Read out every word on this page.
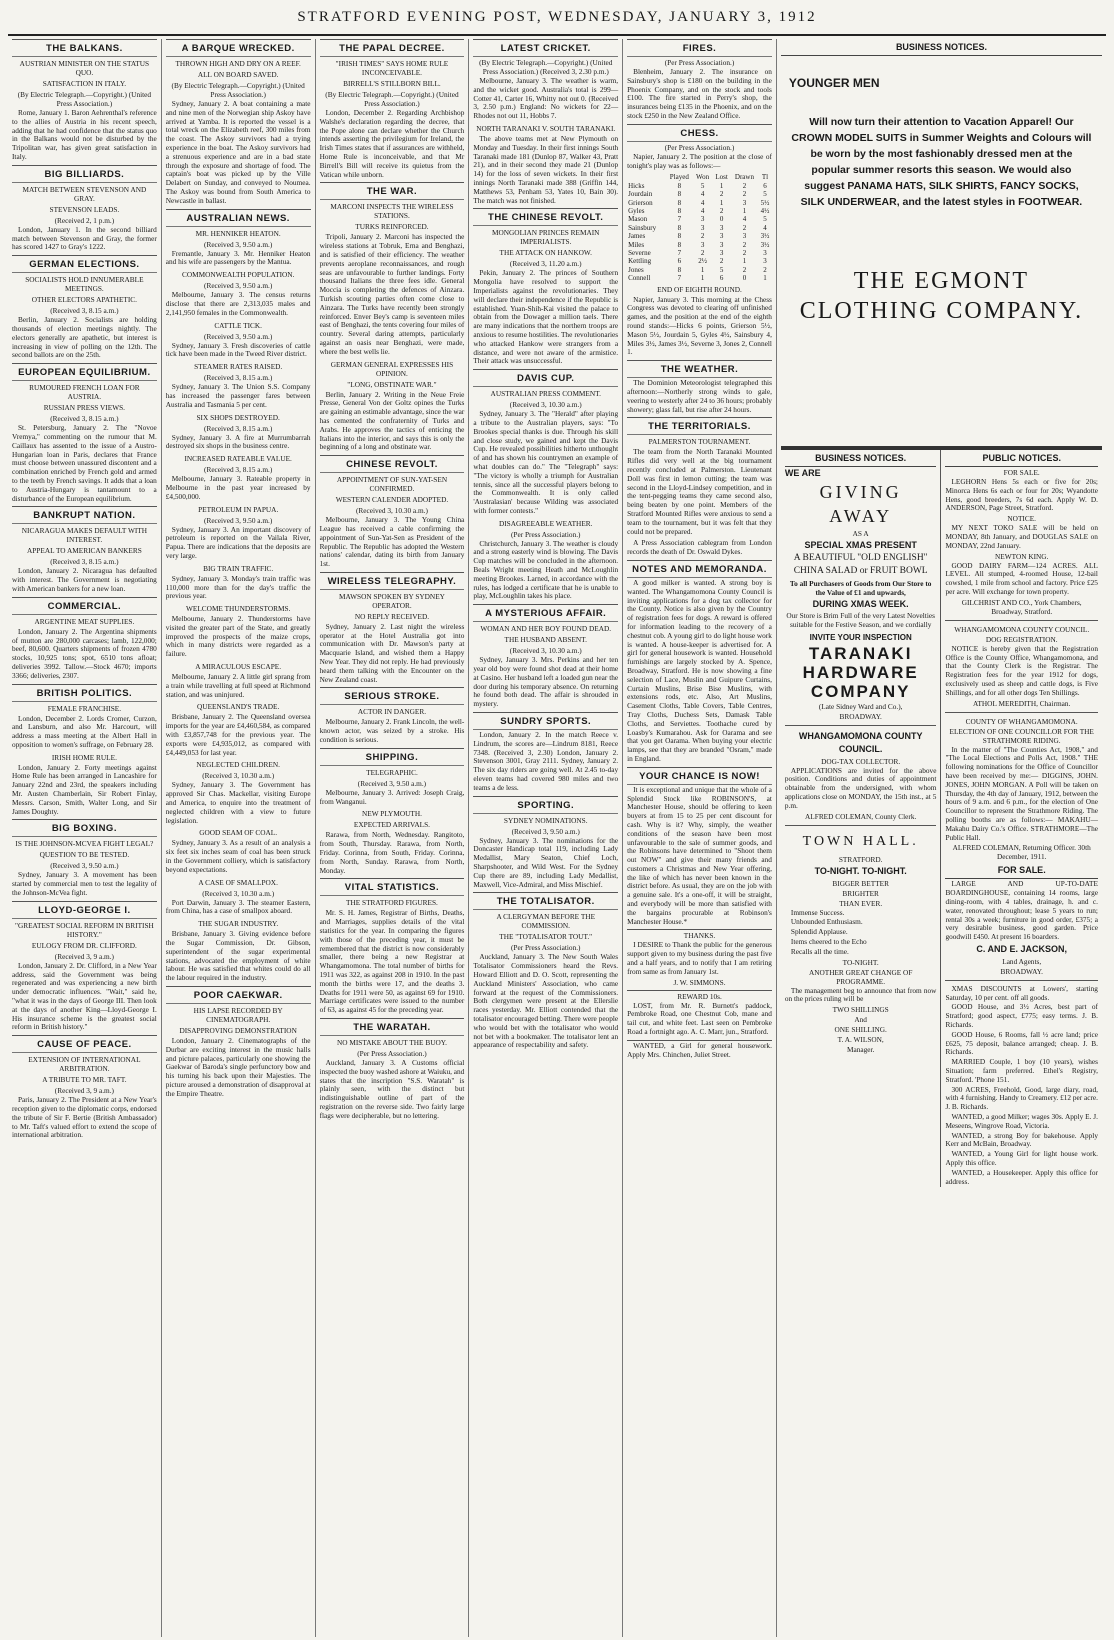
STRATFORD EVENING POST, WEDNESDAY, JANUARY 3, 1912
THE BALKANS.
AUSTRIAN MINISTER ON THE STATUS QUO.
SATISFACTION IN ITALY.
(By Electric Telegraph.—Copyright.) (United Press Association.)

Rome, January 1. Baron Aehrenthal's reference to the allies of Austria in his recent speech, adding that he had confidence that the status quo in the Balkans would not be disturbed by the Tripolitan war, has given great satisfaction in Italy.

BIG BILLIARDS.
MATCH BETWEEN STEVENSON AND GRAY.
STEVENSON LEADS.
(Received 2, 1 p.m.)

London, January 1. In the second billiard match between Stevenson and Gray, the former has scored 1427 to Gray's 1222.

GERMAN ELECTIONS.
SOCIALISTS HOLD INNUMERABLE MEETINGS.
OTHER ELECTORS APATHETIC.
(Received 3, 8.15 a.m.)

Berlin, January 2. Socialists are holding thousands of election meetings nightly. The electors generally are apathetic, but interest is increasing in view of polling on the 12th. The second ballots are on the 25th.

EUROPEAN EQUILIBRIUM.
RUMOURED FRENCH LOAN FOR AUSTRIA.
RUSSIAN PRESS VIEWS.
(Received 3, 8.15 a.m.)

St. Petersburg, January 2. The "Novoe Vremya," commenting on the rumour that M. Caillaux has assented to the issue of a Austro-Hungarian loan in Paris, declares that France must choose between unassured discontent and a combination enriched by French gold and armed to the teeth by French savings. It adds that a loan to Austria-Hungary is tantamount to a disturbance of the European equilibrium.

BANKRUPT NATION.
NICARAGUA MAKES DEFAULT WITH INTEREST.
APPEAL TO AMERICAN BANKERS
(Received 3, 8.15 a.m.)

London, January 2. Nicaragua has defaulted with interest. The Government is negotiating with American bankers for a new loan.

COMMERCIAL.
ARGENTINE MEAT SUPPLIES.

London, January 2. The Argentina shipments of mutton are 280,000 carcases; lamb, 122,000; beef, 80,600. Quarters shipments of frozen 4780 stocks, 10,925 tons; spot, 6510 tons afloat; deliveries 3992. Tallow.—Stock 4670; imports 3366; deliveries, 2307.

BRITISH POLITICS.
FEMALE FRANCHISE.

London, December 2. Lords Cromer, Curzon, and Lansburn, and also Mr. Harcourt, will address a mass meeting at the Albert Hall in opposition to women's suffrage, on February 28.

IRISH HOME RULE.

London, January 2. Forty meetings against Home Rule has been arranged in Lancashire for January 22nd and 23rd, the speakers including Mr. Austen Chamberlain, Sir Robert Finlay, Messrs. Carson, Smith, Walter Long, and Sir James Doughty.

BIG BOXING.
IS THE JOHNSON-MCVEA FIGHT LEGAL?
QUESTION TO BE TESTED.
(Received 3, 9.50 a.m.)

Sydney, January 3. A movement has been started by commercial men to test the legality of the Johnson-McVea fight.

LLOYD-GEORGE I.
"GREATEST SOCIAL REFORM IN BRITISH HISTORY."
EULOGY FROM DR. CLIFFORD.
(Received 3, 9 a.m.)

London, January 2. Dr. Clifford, in a New Year address, said the Government was being regenerated and was experiencing a new birth under democratic influences. "Wait," said he, "what it was in the days of George III. Then look at the days of another King—Lloyd-George I. His insurance scheme is the greatest social reform in British history."

CAUSE OF PEACE.
EXTENSION OF INTERNATIONAL ARBITRATION.
A TRIBUTE TO MR. TAFT.
(Received 3, 9 a.m.)

Paris, January 2. The President at a New Year's reception given to the diplomatic corps, endorsed the tribute of Sir F. Bertie (British Ambassador) to Mr. Taft's valued effort to extend the scope of international arbitration.

A BARQUE WRECKED.
THROWN HIGH AND DRY ON A REEF.
ALL ON BOARD SAVED.
(By Electric Telegraph.—Copyright.) (United Press Association.)

Sydney, January 2. A boat containing a mate and nine men of the Norwegian ship Askoy have arrived at Yamba. It is reported the vessel is a total wreck on the Elizabeth reef, 300 miles from the coast. The Askoy survivors had a trying experience in the boat. The Askoy survivors had a strenuous experience and are in a bad state through the exposure and shortage of food. The captain's boat was picked up by the Ville Delabert on Sunday, and conveyed to Noumea. The Askoy was bound from South America to Newcastle in ballast.

AUSTRALIAN NEWS.
MR. HENNIKER HEATON.
(Received 3, 9.50 a.m.)

Fremantle, January 3. Mr. Henniker Heaton and his wife are passengers by the Mantua.

COMMONWEALTH POPULATION.
(Received 3, 9.50 a.m.)

Melbourne, January 3. The census returns disclose that there are 2,313,035 males and 2,141,950 females in the Commonwealth.

CATTLE TICK.
(Received 3, 9.50 a.m.)

Sydney, January 3. Fresh discoveries of cattle tick have been made in the Tweed River district.

STEAMER RATES RAISED.
(Received 3, 8.15 a.m.)

Sydney, January 3. The Union S.S. Company has increased the passenger fares between Australia and Tasmania 5 per cent.

SIX SHOPS DESTROYED.
(Received 3, 8.15 a.m.)

Sydney, January 3. A fire at Murrumbarrah destroyed six shops in the business centre.

INCREASED RATEABLE VALUE.
(Received 3, 8.15 a.m.)

Melbourne, January 3. Rateable property in Melbourne in the past year increased by £4,500,000.

PETROLEUM IN PAPUA.
(Received 3, 9.50 a.m.)

Sydney, January 3. An important discovery of petroleum is reported on the Vailala River, Papua. There are indications that the deposits are very large.

BIG TRAIN TRAFFIC.

Sydney, January 3. Monday's train traffic was 110,000 more than for the day's traffic the previous year.

WELCOME THUNDERSTORMS.

Melbourne, January 2. Thunderstorms have visited the greater part of the State, and greatly improved the prospects of the maize crops, which in many districts were regarded as a failure.

A MIRACULOUS ESCAPE.

Melbourne, January 2. A little girl sprang from a train while travelling at full speed at Richmond station, and was uninjured.

QUEENSLAND'S TRADE.

Brisbane, January 2. The Queensland oversea imports for the year are £4,460,584, as compared with £3,857,748 for the previous year. The exports were £4,935,012, as compared with £4,449,053 for last year.

NEGLECTED CHILDREN.
(Received 3, 10.30 a.m.)

Sydney, January 3. The Government has approved Sir Chas. Mackellar, visiting Europe and America, to enquire into the treatment of neglected children with a view to future legislation.

GOOD SEAM OF COAL.

Sydney, January 3. As a result of an analysis a six feet six inches seam of coal has been struck in the Government colliery, which is satisfactory beyond expectations.

A CASE OF SMALLPOX.
(Received 3, 10.30 a.m.)

Port Darwin, January 3. The steamer Eastern, from China, has a case of smallpox aboard.

THE SUGAR INDUSTRY.

Brisbane, January 3. Giving evidence before the Sugar Commission, Dr. Gibson, superintendent of the sugar experimental stations, advocated the employment of white labour. He was satisfied that whites could do all the labour required in the industry.

POOR CAEKWAR.
HIS LAPSE RECORDED BY CINEMATOGRAPH.
DISAPPROVING DEMONSTRATION

London, January 2. Cinematographs of the Durbar are exciting interest in the music halls and picture palaces, particularly one showing the Gaekwar of Baroda's single perfunctory bow and his turning his back upon their Majesties. The picture aroused a demonstration of disapproval at the Empire Theatre.

THE PAPAL DECREE.
"IRISH TIMES" SAYS HOME RULE INCONCEIVABLE.
BIRRELL'S STILLBORN BILL.
(By Electric Telegraph.—Copyright.) (United Press Association.)

London, December 2. Regarding Archbishop Walshe's declaration regarding the decree, that the Pope alone can declare whether the Church intends asserting the privilegium for Ireland, the Irish Times states that if assurances are withheld, Home Rule is inconceivable, and that Mr Birrell's Bill will receive its quietus from the Vatican while unborn.

THE WAR.
MARCONI INSPECTS THE WIRELESS STATIONS.
TURKS REINFORCED.

Tripoli, January 2. Marconi has inspected the wireless stations at Tobruk, Erna and Benghazi, and is satisfied of their efficiency. The weather prevents aeroplane reconnaissances, and rough seas are unfavourable to further landings. Forty thousand Italians the three fees idle. General Moccia is completing the defences of Ainzara. Turkish scouting parties often come close to Ainzara. The Turks have recently been strongly reinforced. Enver Bey's camp is seventeen miles east of Benghazi, the tents covering four miles of country. Several daring attempts, particularly against an oasis near Benghazi, were made, where the best wells lie.

GERMAN GENERAL EXPRESSES HIS OPINION.
"LONG, OBSTINATE WAR."

Berlin, January 2. Writing in the Neue Freie Presse, General Von der Goltz opines the Turks are gaining an estimable advantage, since the war has cemented the confraternity of Turks and Arabs. He approves the tactics of enticing the Italians into the interior, and says this is only the beginning of a long and obstinate war.

CHINESE REVOLT.
APPOINTMENT OF SUN-YAT-SEN CONFIRMED.
WESTERN CALENDER ADOPTED.
(Received 3, 10.30 a.m.)

Melbourne, January 3. The Young China League has received a cable confirming the appointment of Sun-Yat-Sen as President of the Republic. The Republic has adopted the Western nations' calendar, dating its birth from January 1st.

WIRELESS TELEGRAPHY.
MAWSON SPOKEN BY SYDNEY OPERATOR.
NO REPLY RECEIVED.

Sydney, January 2. Last night the wireless operator at the Hotel Australia got into communication with Dr. Mawson's party at Macquarie Island, and wished them a Happy New Year. They did not reply. He had previously heard them talking with the Encounter on the New Zealand coast.

SERIOUS STROKE.
ACTOR IN DANGER.

Melbourne, January 2. Frank Lincoln, the well-known actor, was seized by a stroke. His condition is serious.

SHIPPING.
TELEGRAPHIC.
(Received 3, 9.50 a.m.)

Melbourne, January 3. Arrived: Joseph Craig, from Wanganui.

NEW PLYMOUTH.
EXPECTED ARRIVALS.

Rarawa, from North, Wednesday. Rangitoto, from South, Thursday. Rarawa, from North, Friday. Corinna, from South, Friday. Corinna, from North, Sunday. Rarawa, from North, Monday.

VITAL STATISTICS.
THE STRATFORD FIGURES.

Mr. S. H. James, Registrar of Births, Deaths, and Marriages, supplies details of the vital statistics for the year. In comparing the figures with those of the preceding year, it must be remembered that the district is now considerably smaller, there being a new Registrar at Whangamomona. The total number of births for 1911 was 322, as against 208 in 1910. In the past month the births were 17, and the deaths 3. Deaths for 1911 were 50, as against 69 for 1910. Marriage certificates were issued to the number of 63, as against 45 for the preceding year.

THE WARATAH.
NO MISTAKE ABOUT THE BUOY.
(Per Press Association.)

Auckland, January 3. A Customs official inspected the buoy washed ashore at Waiuku, and states that the inscription "S.S. Waratah" is plainly seen, with the distinct but indistinguishable outline of part of the registration on the reverse side. Two fairly large flags were decipherable, but no lettering.

LATEST CRICKET.
(By Electric Telegraph.—Copyright.) (United Press Association.) (Received 3, 2.30 p.m.)

Melbourne, January 3. The weather is warm, and the wicket good. Australia's total is 299—Cotter 41, Carter 16, Whitty not out 0. (Received 3, 2.50 p.m.) England: No wickets for 22—Rhodes not out 11, Hobbs 7.

NORTH TARANAKI V. SOUTH TARANAKI.

The above teams met at New Plymouth on Monday and Tuesday. In their first innings South Taranaki made 181 (Dunlop 87, Walker 43, Pratt 21), and in their second they made 21 (Dunlop 14) for the loss of seven wickets. In their first innings North Taranaki made 388 (Griffin 144, Matthews 53, Penham 53, Yates 10, Bain 30). The match was not finished.

THE CHINESE REVOLT.
MONGOLIAN PRINCES REMAIN IMPERIALISTS.
THE ATTACK ON HANKOW.
(Received 3, 11.20 a.m.)

Pekin, January 2. The princes of Southern Mongolia have resolved to support the Imperialists against the revolutionaries. They will declare their independence if the Republic is established. Yuan-Shih-Kai visited the palace to obtain from the Dowager a million taels. There are many indications that the northern troops are anxious to resume hostilities. The revolutionaries who attacked Hankow were strangers from a distance, and were not aware of the armistice. Their attack was unsuccessful.

DAVIS CUP.
AUSTRALIAN PRESS COMMENT.
(Received 3, 10.30 a.m.)

Sydney, January 3. The "Herald" after playing a tribute to the Australian players, says: "To Brookes special thanks is due. Through his skill and close study, we gained and kept the Davis Cup. He revealed possibilities hitherto unthought of and has shown his countrymen an example of what doubles can do." The "Telegraph" says: "The victory is wholly a triumph for Australian tennis, since all the successful players belong to the Commonwealth. It is only called 'Australasian' because Wilding was associated with former contests."

DISAGREEABLE WEATHER.
(Per Press Association.)

Christchurch, January 3. The weather is cloudy and a strong easterly wind is blowing. The Davis Cup matches will be concluded in the afternoon. Beals Wright meeting Heath and McLoughlin meeting Brookes. Larned, in accordance with the rules, has lodged a certificate that he is unable to play, McLoughlin takes his place.

A MYSTERIOUS AFFAIR.
WOMAN AND HER BOY FOUND DEAD.
THE HUSBAND ABSENT.
(Received 3, 10.30 a.m.)

Sydney, January 3. Mrs. Perkins and her ten year old boy were found shot dead at their home at Casino. Her husband left a loaded gun near the door during his temporary absence. On returning he found both dead. The affair is shrouded in mystery.

SUNDRY SPORTS.

London, January 2. In the match Reece v. Lindrum, the scores are—Lindrum 8181, Reece 7348. (Received 3, 2.30) London, January 2. Stevenson 3001, Gray 2111. Sydney, January 2. The six day riders are going well. At 2.45 to-day eleven teams had covered 980 miles and two teams a de less.

SPORTING.
SYDNEY NOMINATIONS.
(Received 3, 9.50 a.m.)

Sydney, January 3. The nominations for the Doncaster Handicap total 119, including Lady Medallist, Mary Seaton, Chief Loch, Sharpshooter, and Wild West. For the Sydney Cup there are 89, including Lady Medallist, Maxwell, Vice-Admiral, and Miss Mischief.

THE TOTALISATOR.
A CLERGYMAN BEFORE THE COMMISSION.
THE "TOTALISATOR TOUT."
(Per Press Association.)

Auckland, January 3. The New South Wales Totalisator Commissioners heard the Revs. Howard Elliott and D. O. Scott, representing the Auckland Ministers' Association, who came forward at the request of the Commissioners. Both clergymen were present at the Ellerslie races yesterday. Mr. Elliott contended that the totalisator encouraged betting. There were people who would bet with the totalisator who would not bet with a bookmaker. The totalisator lent an appearance of respectability and safety.

FIRES.
(Per Press Association.)

Blenheim, January 2. The insurance on Sainsbury's shop is £180 on the building in the Phoenix Company, and on the stock and tools £100. The fire started in Perry's shop, the insurances being £135 in the Phoenix, and on the stock £250 in the New Zealand Office.

CHESS.
(Per Press Association.)

Napier, January 2. The position at the close of tonight's play was as follows:—

	Played	Won	Lost	Drawn	Tl
Hicks	8	5	1	2	6
Jourdain	8	4	2	2	5
Grierson	8	4	1	3	5½
Gyles	8	4	2	1	4½
Mason	7	3	0	4	5
Sainsbury	8	3	3	2	4
James	8	2	3	3	3½
Miles	8	3	3	2	3½
Severne	7	2	3	2	3
Kettling	6	2½	2	1	3
Jones	8	1	5	2	2
Connell	7	1	6	0	1
END OF EIGHTH ROUND.

Napier, January 3. This morning at the Chess Congress was devoted to clearing off unfinished games, and the position at the end of the eighth round stands:—Hicks 6 points, Grierson 5½, Mason 5½, Jourdain 5, Gyles 4½, Sainsbury 4, Miles 3½, James 3½, Severne 3, Jones 2, Connell 1.

THE WEATHER.

The Dominion Meteorologist telegraphed this afternoon:—Northerly strong winds to gale, veering to westerly after 24 to 36 hours; probably showery; glass fall, but rise after 24 hours.

THE TERRITORIALS.
PALMERSTON TOURNAMENT.

The team from the North Taranaki Mounted Rifles did very well at the big tournament recently concluded at Palmerston. Lieutenant Doll was first in lemon cutting; the team was second in the Lloyd-Lindsey competition, and in the tent-pegging teams they came second also, being beaten by one point. Members of the Stratford Mounted Rifles were anxious to send a team to the tournament, but it was felt that they could not be prepared.

A Press Association cablegram from London records the death of Dr. Oswald Dykes.

NOTES AND MEMORANDA.

A good milker is wanted. A strong boy is wanted. The Whangamomona County Council is inviting applications for a dog tax collector for the County. Notice is also given by the Country of registration fees for dogs. A reward is offered for information leading to the recovery of a chestnut cob. A young girl to do light house work is wanted. A house-keeper is advertised for. A girl for general housework is wanted. Household furnishings are largely stocked by A. Spence, Broadway, Stratford. He is now showing a fine selection of Lace, Muslin and Guipure Curtains, Curtain Muslins, Brise Bise Muslins, with extensions rods, etc. Also, Art Muslins, Casement Cloths, Table Covers, Table Centres, Tray Cloths, Duchess Sets, Damask Table Cloths, and Serviettes. Toothache cured by Loasby's Kumarahou. Ask for Oarama and see that you get Oarama. When buying your electric lamps, see that they are branded "Osram," made in England.

YOUR CHANCE IS NOW!

It is exceptional and unique that the whole of a Splendid Stock like ROBINSON'S, at Manchester House, should be offering to keen buyers at from 15 to 25 per cent discount for cash. Why is it? Why, simply, the weather conditions of the season have been most unfavourable to the sale of summer goods, and the Robinsons have determined to "Shoot them out NOW" and give their many friends and customers a Christmas and New Year offering, the like of which has never been known in the district before. As usual, they are on the job with a genuine sale. It's a one-off, it will be straight, and everybody will be more than satisfied with the bargains procurable at Robinson's Manchester House.*

THANKS.

I DESIRE to Thank the public for the generous support given to my business during the past five and a half years, and to notify that I am retiring from same as from January 1st.

J. W. SIMMONS.
REWARD 10s.

LOST, from Mr. R. Burnett's paddock, Pembroke Road, one Chestnut Cob, mane and tail cut, and white feet. Last seen on Pembroke Road a fortnight ago. A. C. Marr, jun., Stratford.

WANTED, a Girl for general housework. Apply Mrs. Chinchen, Juliet Street.

BUSINESS NOTICES.
YOUNGER MEN
Will now turn their attention to Vacation Apparel! Our CROWN MODEL SUITS in Summer Weights and Colours will be worn by the most fashionably dressed men at the popular summer resorts this season. We would also suggest PANAMA HATS, SILK SHIRTS, FANCY SOCKS, SILK UNDERWEAR, and the latest styles in FOOTWEAR.
THE EGMONT CLOTHING COMPANY.
BUSINESS NOTICES.
WE ARE
GIVING
AWAY
AS A
SPECIAL XMAS PRESENT
A BEAUTIFUL "OLD ENGLISH" CHINA SALAD or FRUIT BOWL
To all Purchasers of Goods from Our Store to the Value of £1 and upwards,
DURING XMAS WEEK.

Our Store is Brim Full of the very Latest Novelties suitable for the Festive Season, and we cordially

INVITE YOUR INSPECTION
TARANAKI HARDWARE COMPANY
(Late Sidney Ward and Co.),
BROADWAY.
WHANGAMOMONA COUNTY COUNCIL.
DOG-TAX COLLECTOR.

APPLICATIONS are invited for the above position. Conditions and duties of appointment obtainable from the undersigned, with whom applications close on MONDAY, the 15th inst., at 5 p.m.

ALFRED COLEMAN, County Clerk.
TOWN HALL.
STRATFORD.
TO-NIGHT. TO-NIGHT.
BIGGER BETTER
BRIGHTER
THAN EVER.

Immense Success.

Unbounded Enthusiasm.

Splendid Applause.

Items cheered to the Echo

Recalls all the time.

TO-NIGHT.
ANOTHER GREAT CHANGE OF PROGRAMME.

The management beg to announce that from now on the prices ruling will be

TWO SHILLINGS
And
ONE SHILLING.
T. A. WILSON,
Manager.
PUBLIC NOTICES.
FOR SALE.

LEGHORN Hens 5s each or five for 20s; Minorca Hens 6s each or four for 20s; Wyandotte Hens, good breeders, 7s 6d each. Apply W. D. ANDERSON, Page Street, Stratford.

NOTICE.

MY NEXT TOKO SALE will be held on MONDAY, 8th January, and DOUGLAS SALE on MONDAY, 22nd January.

NEWTON KING.

GOOD DAIRY FARM—124 ACRES. ALL LEVEL. All stumped, 4-roomed House, 12-bail cowshed, 1 mile from school and factory. Price £25 per acre. Will exchange for town property.

GILCHRIST AND CO., York Chambers, Broadway, Stratford.
WHANGAMOMONA COUNTY COUNCIL.
DOG REGISTRATION.

NOTICE is hereby given that the Registration Office is the County Office, Whangamomona, and that the County Clerk is the Registrar. The Registration fees for the year 1912 for dogs, exclusively used as sheep and cattle dogs, is Five Shillings, and for all other dogs Ten Shillings.

ATHOL MEREDITH, Chairman.
COUNTY OF WHANGAMOMONA.
ELECTION OF ONE COUNCILLOR FOR THE STRATHMORE RIDING.

In the matter of "The Counties Act, 1908," and "The Local Elections and Polls Act, 1908." THE following nominations for the Office of Councillor have been received by me:— DIGGINS, JOHN. JONES, JOHN MORGAN. A Poll will be taken on Thursday, the 4th day of January, 1912, between the hours of 9 a.m. and 6 p.m., for the election of One Councillor to represent the Strathmore Riding. The polling booths are as follows:— MAKAHU—Makahu Dairy Co.'s Office. STRATHMORE—The Public Hall.

ALFRED COLEMAN, Returning Officer. 30th December, 1911.
FOR SALE.

LARGE AND UP-TO-DATE BOARDINGHOUSE, containing 14 rooms, large dining-room, with 4 tables, drainage, h. and c. water, renovated throughout; lease 5 years to run; rental 30s a week; furniture in good order, £375; a very desirable business, good garden. Price goodwill £450. At present 16 boarders.

C. AND E. JACKSON,
Land Agents,
BROADWAY.

XMAS DISCOUNTS at Lowers', starting Saturday, 10 per cent. off all goods.

GOOD House, and 3½ Acres, best part of Stratford; good aspect, £775; easy terms. J. B. Richards.

GOOD House, 6 Rooms, fall ½ acre land; price £625, 75 deposit, balance arranged; cheap. J. B. Richards.

MARRIED Couple, 1 boy (10 years), wishes Situation; farm preferred. Ethel's Registry, Stratford. 'Phone 151.

300 ACRES, Freehold, Good, large diary, road, with 4 furnishing. Handy to Creamery. £12 per acre. J. B. Richards.

WANTED, a good Milker; wages 30s. Apply E. J. Meseens, Wingrove Road, Victoria.

WANTED, a strong Boy for bakehouse. Apply Kerr and McBain, Broadway.

WANTED, a Young Girl for light house work. Apply this office.

WANTED, a Housekeeper. Apply this office for address.
